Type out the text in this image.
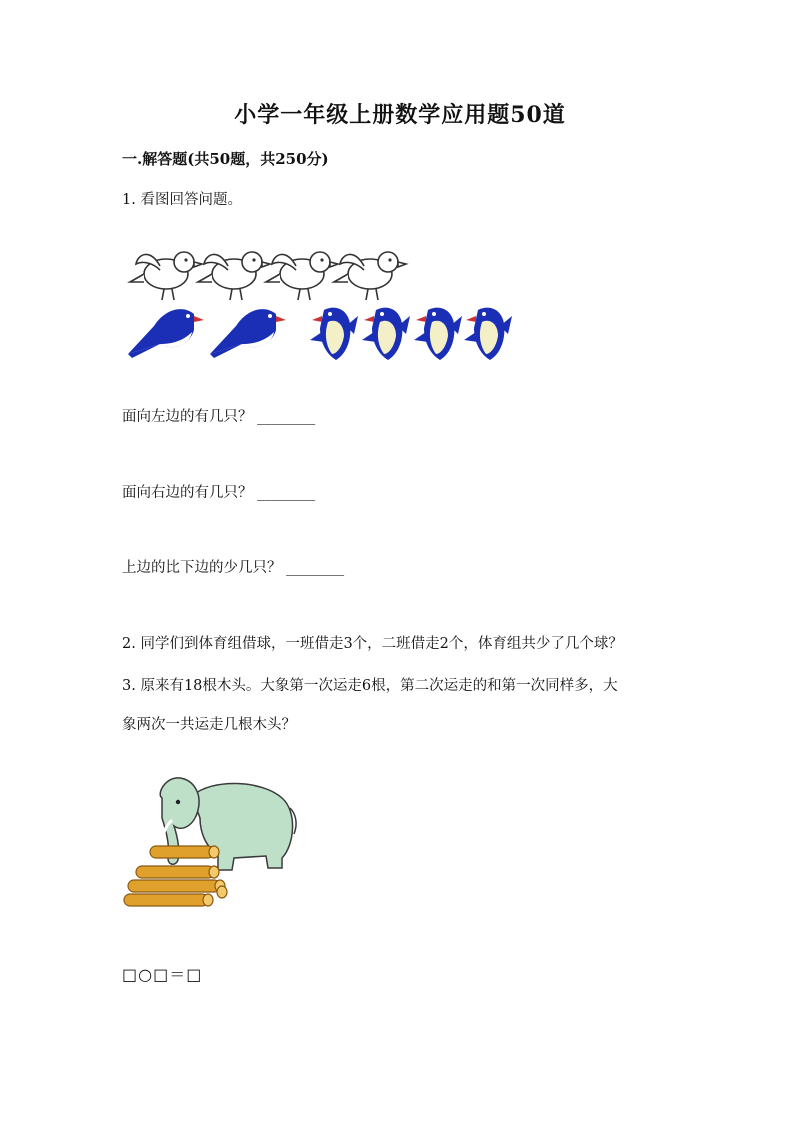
小学一年级上册数学应用题50道
一.解答题(共50题，共250分)
1. 看图回答问题。
面向左边的有几只？ ________
面向右边的有几只？ ________
上边的比下边的少几只？ ________
2. 同学们到体育组借球，一班借走3个，二班借走2个，体育组共少了几个球？
3. 原来有18根木头。大象第一次运走6根，第二次运走的和第一次同样多，大
象两次一共运走几根木头？
□○□＝□
